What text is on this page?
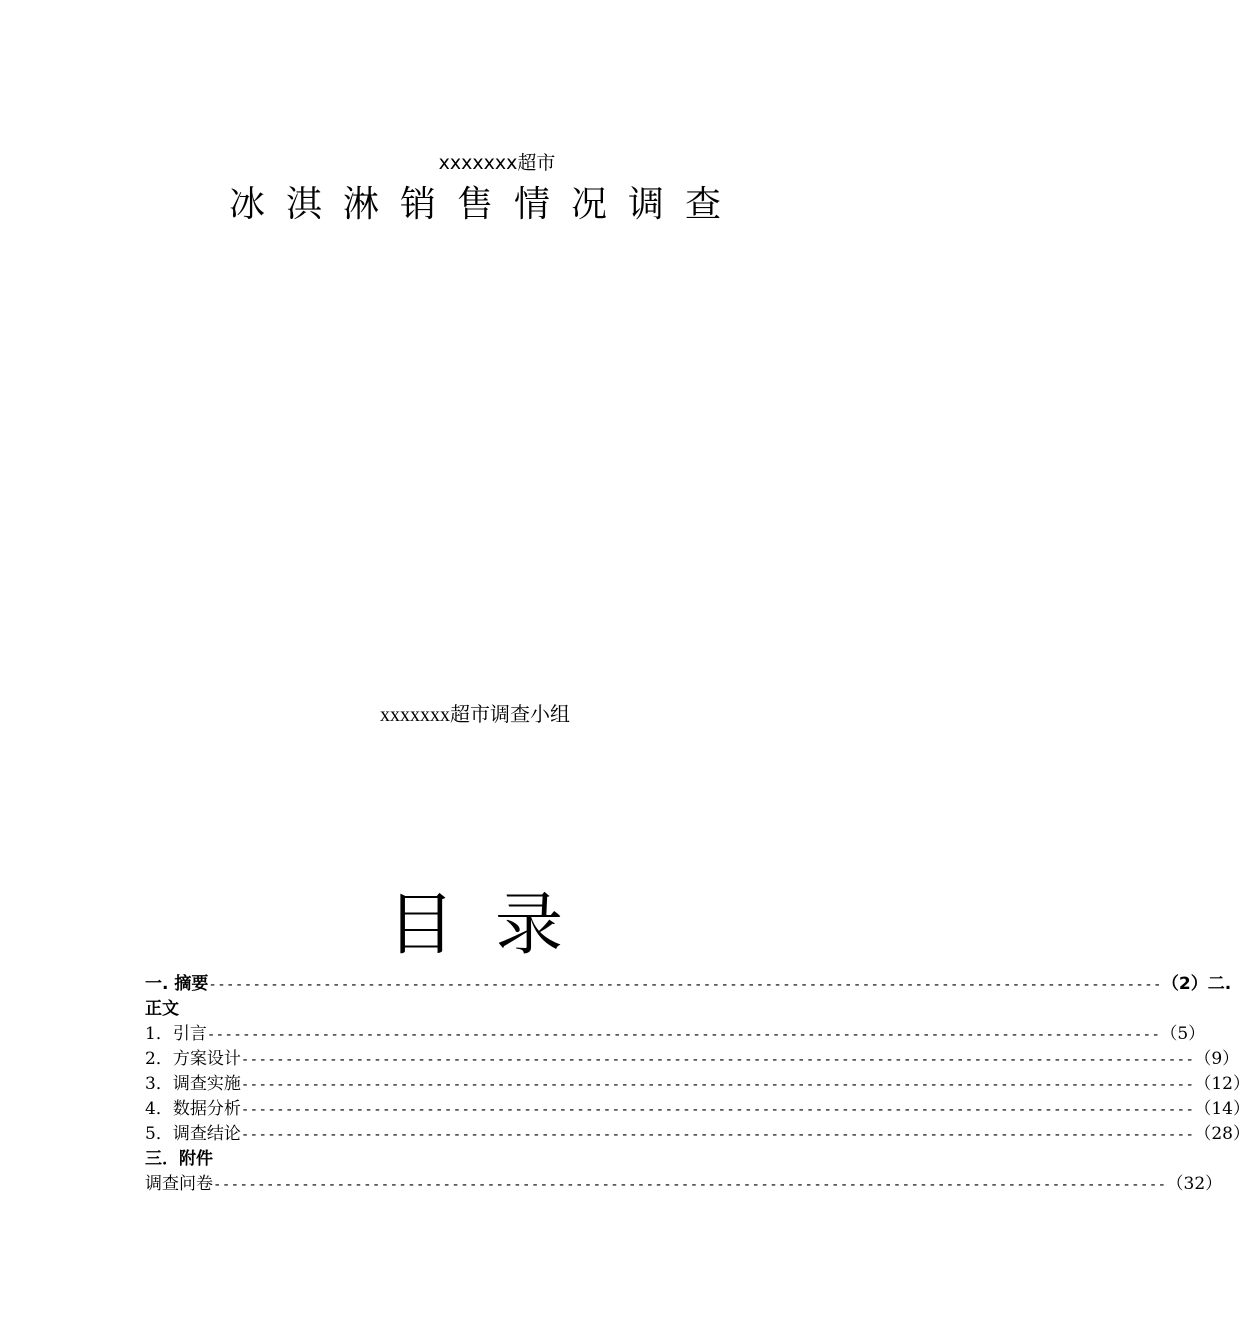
xxxxxxx超市
冰淇淋销售情况调查
xxxxxxx超市调查小组
目录
一. 摘要 ------------------------------------------------------------------------------------------------------------ （2）二.
正文
1．引言 ------------------------------------------------------------------------------------------------------------ （5）
2．方案设计 ------------------------------------------------------------------------------------------------------------ （9）
3．调查实施 ------------------------------------------------------------------------------------------------------------ （12）
4．数据分析 ------------------------------------------------------------------------------------------------------------ （14）
5．调查结论 ------------------------------------------------------------------------------------------------------------ （28）
三．附件
调查问卷 ------------------------------------------------------------------------------------------------------------ （32）
